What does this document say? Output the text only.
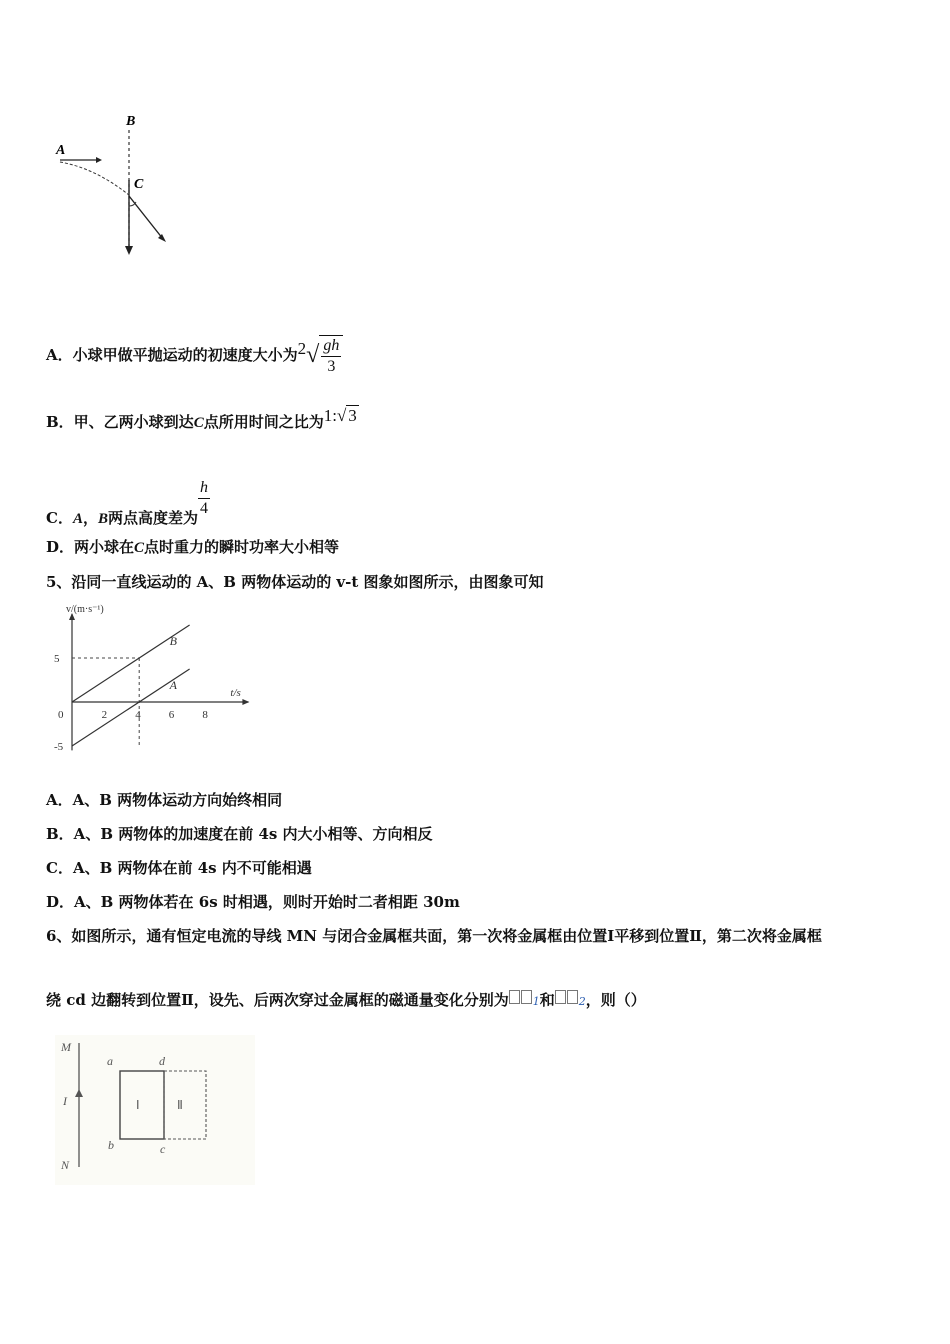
A
B
C
A．小球甲做平抛运动的初速度大小为$2√ \frac{gh}{3}$
B．甲、乙两小球到达C点所用时间之比为1:√ 3
C．A，B两点高度差为 $\frac{h}{4}$
D．两小球在C点时重力的瞬时功率大小相等
5、沿同一直线运动的 A、B 两物体运动的 v-t 图象如图所示，由图象可知
v/(m·s⁻¹)
t/s
B
A
0	2	4	6	8
5
-5
A．A、B 两物体运动方向始终相同
B．A、B 两物体的加速度在前 4s 内大小相等、方向相反
C．A、B 两物体在前 4s 内不可能相遇
D．A、B 两物体若在 6s 时相遇，则时开始时二者相距 30m
6、如图所示，通有恒定电流的导线 MN 与闭合金属框共面，第一次将金属框由位置Ⅰ平移到位置Ⅱ，第二次将金属框
绕 cd 边翻转到位置Ⅱ，设先、后两次穿过金属框的磁通量变化分别为 1和 2，则（）
M
I
N
a	d
b	c
Ⅰ	Ⅱ
